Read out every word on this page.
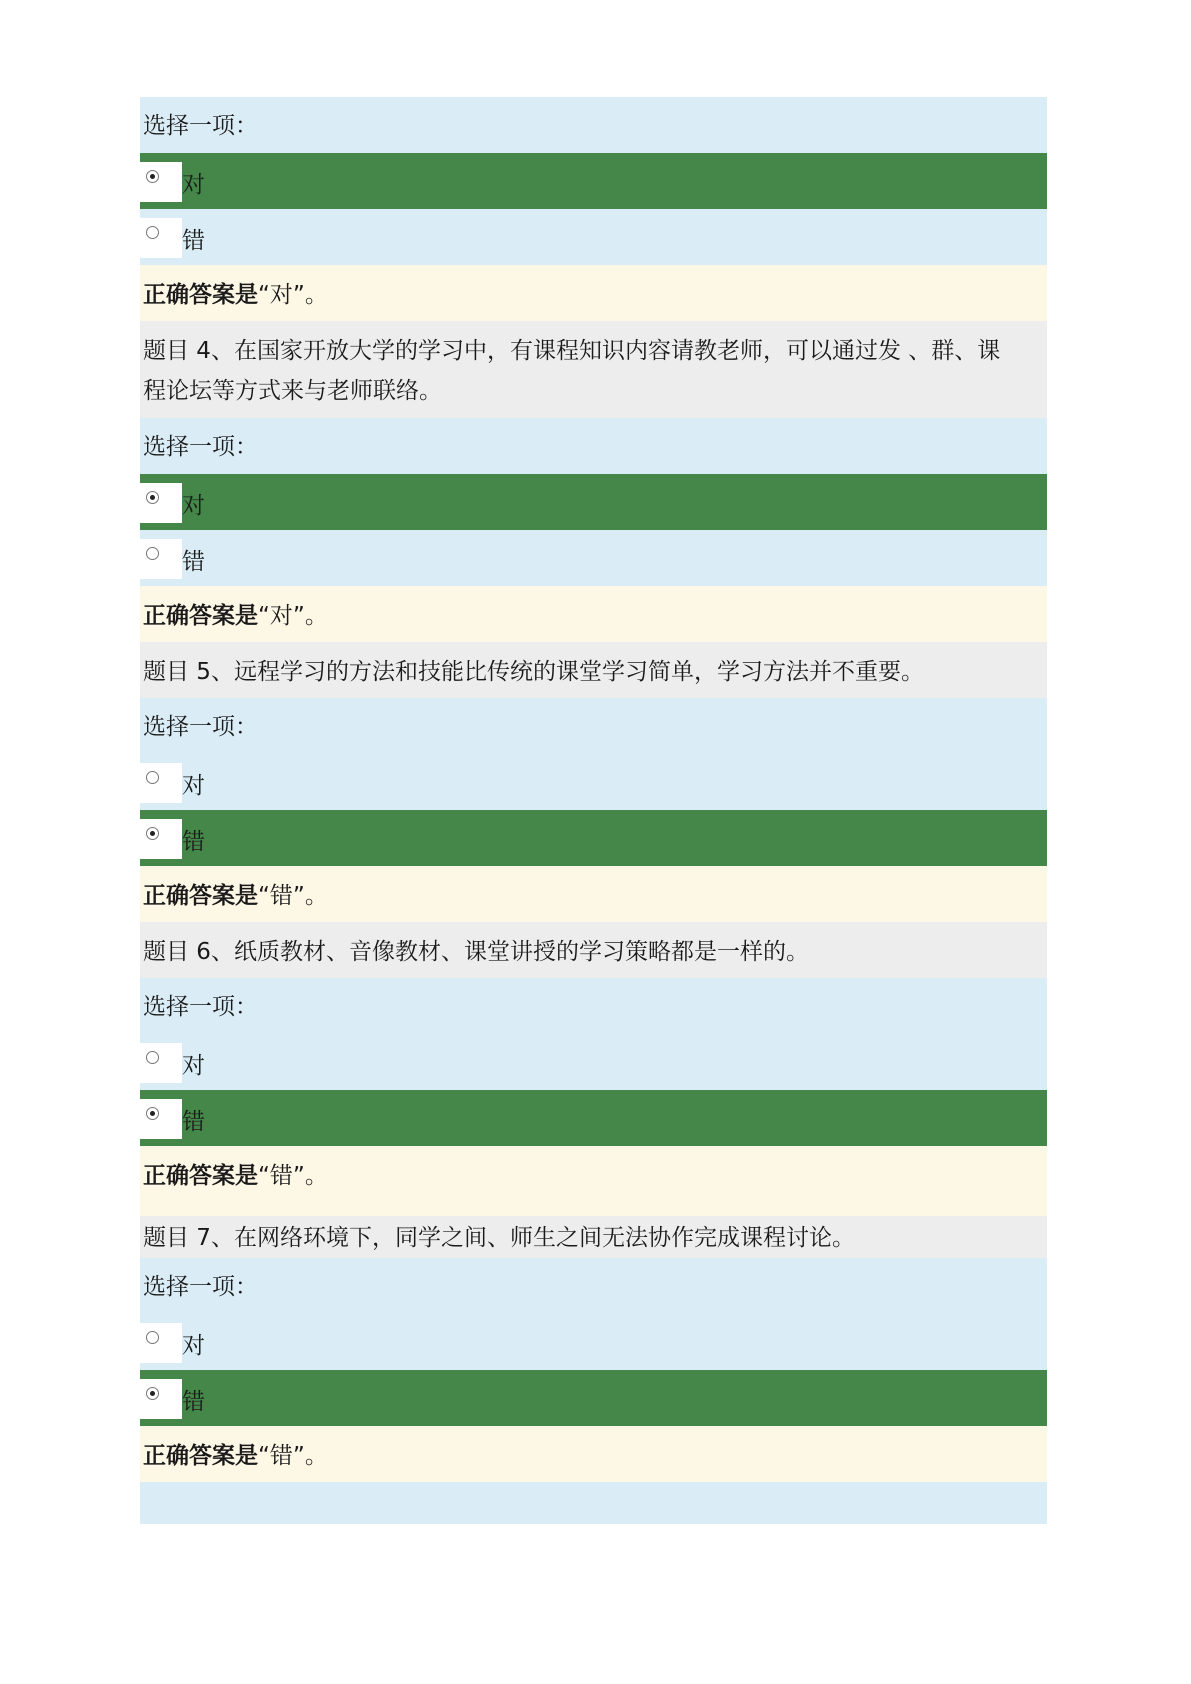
选择一项：
对
错
正确答案是“对”。
题目 4、在国家开放大学的学习中，有课程知识内容请教老师，可以通过发 、群、课程论坛等方式来与老师联络。
选择一项：
对
错
正确答案是“对”。
题目 5、远程学习的方法和技能比传统的课堂学习简单，学习方法并不重要。
选择一项：
对
错
正确答案是“错”。
题目 6、纸质教材、音像教材、课堂讲授的学习策略都是一样的。
选择一项：
对
错
正确答案是“错”。
题目 7、在网络环境下，同学之间、师生之间无法协作完成课程讨论。
选择一项：
对
错
正确答案是“错”。
